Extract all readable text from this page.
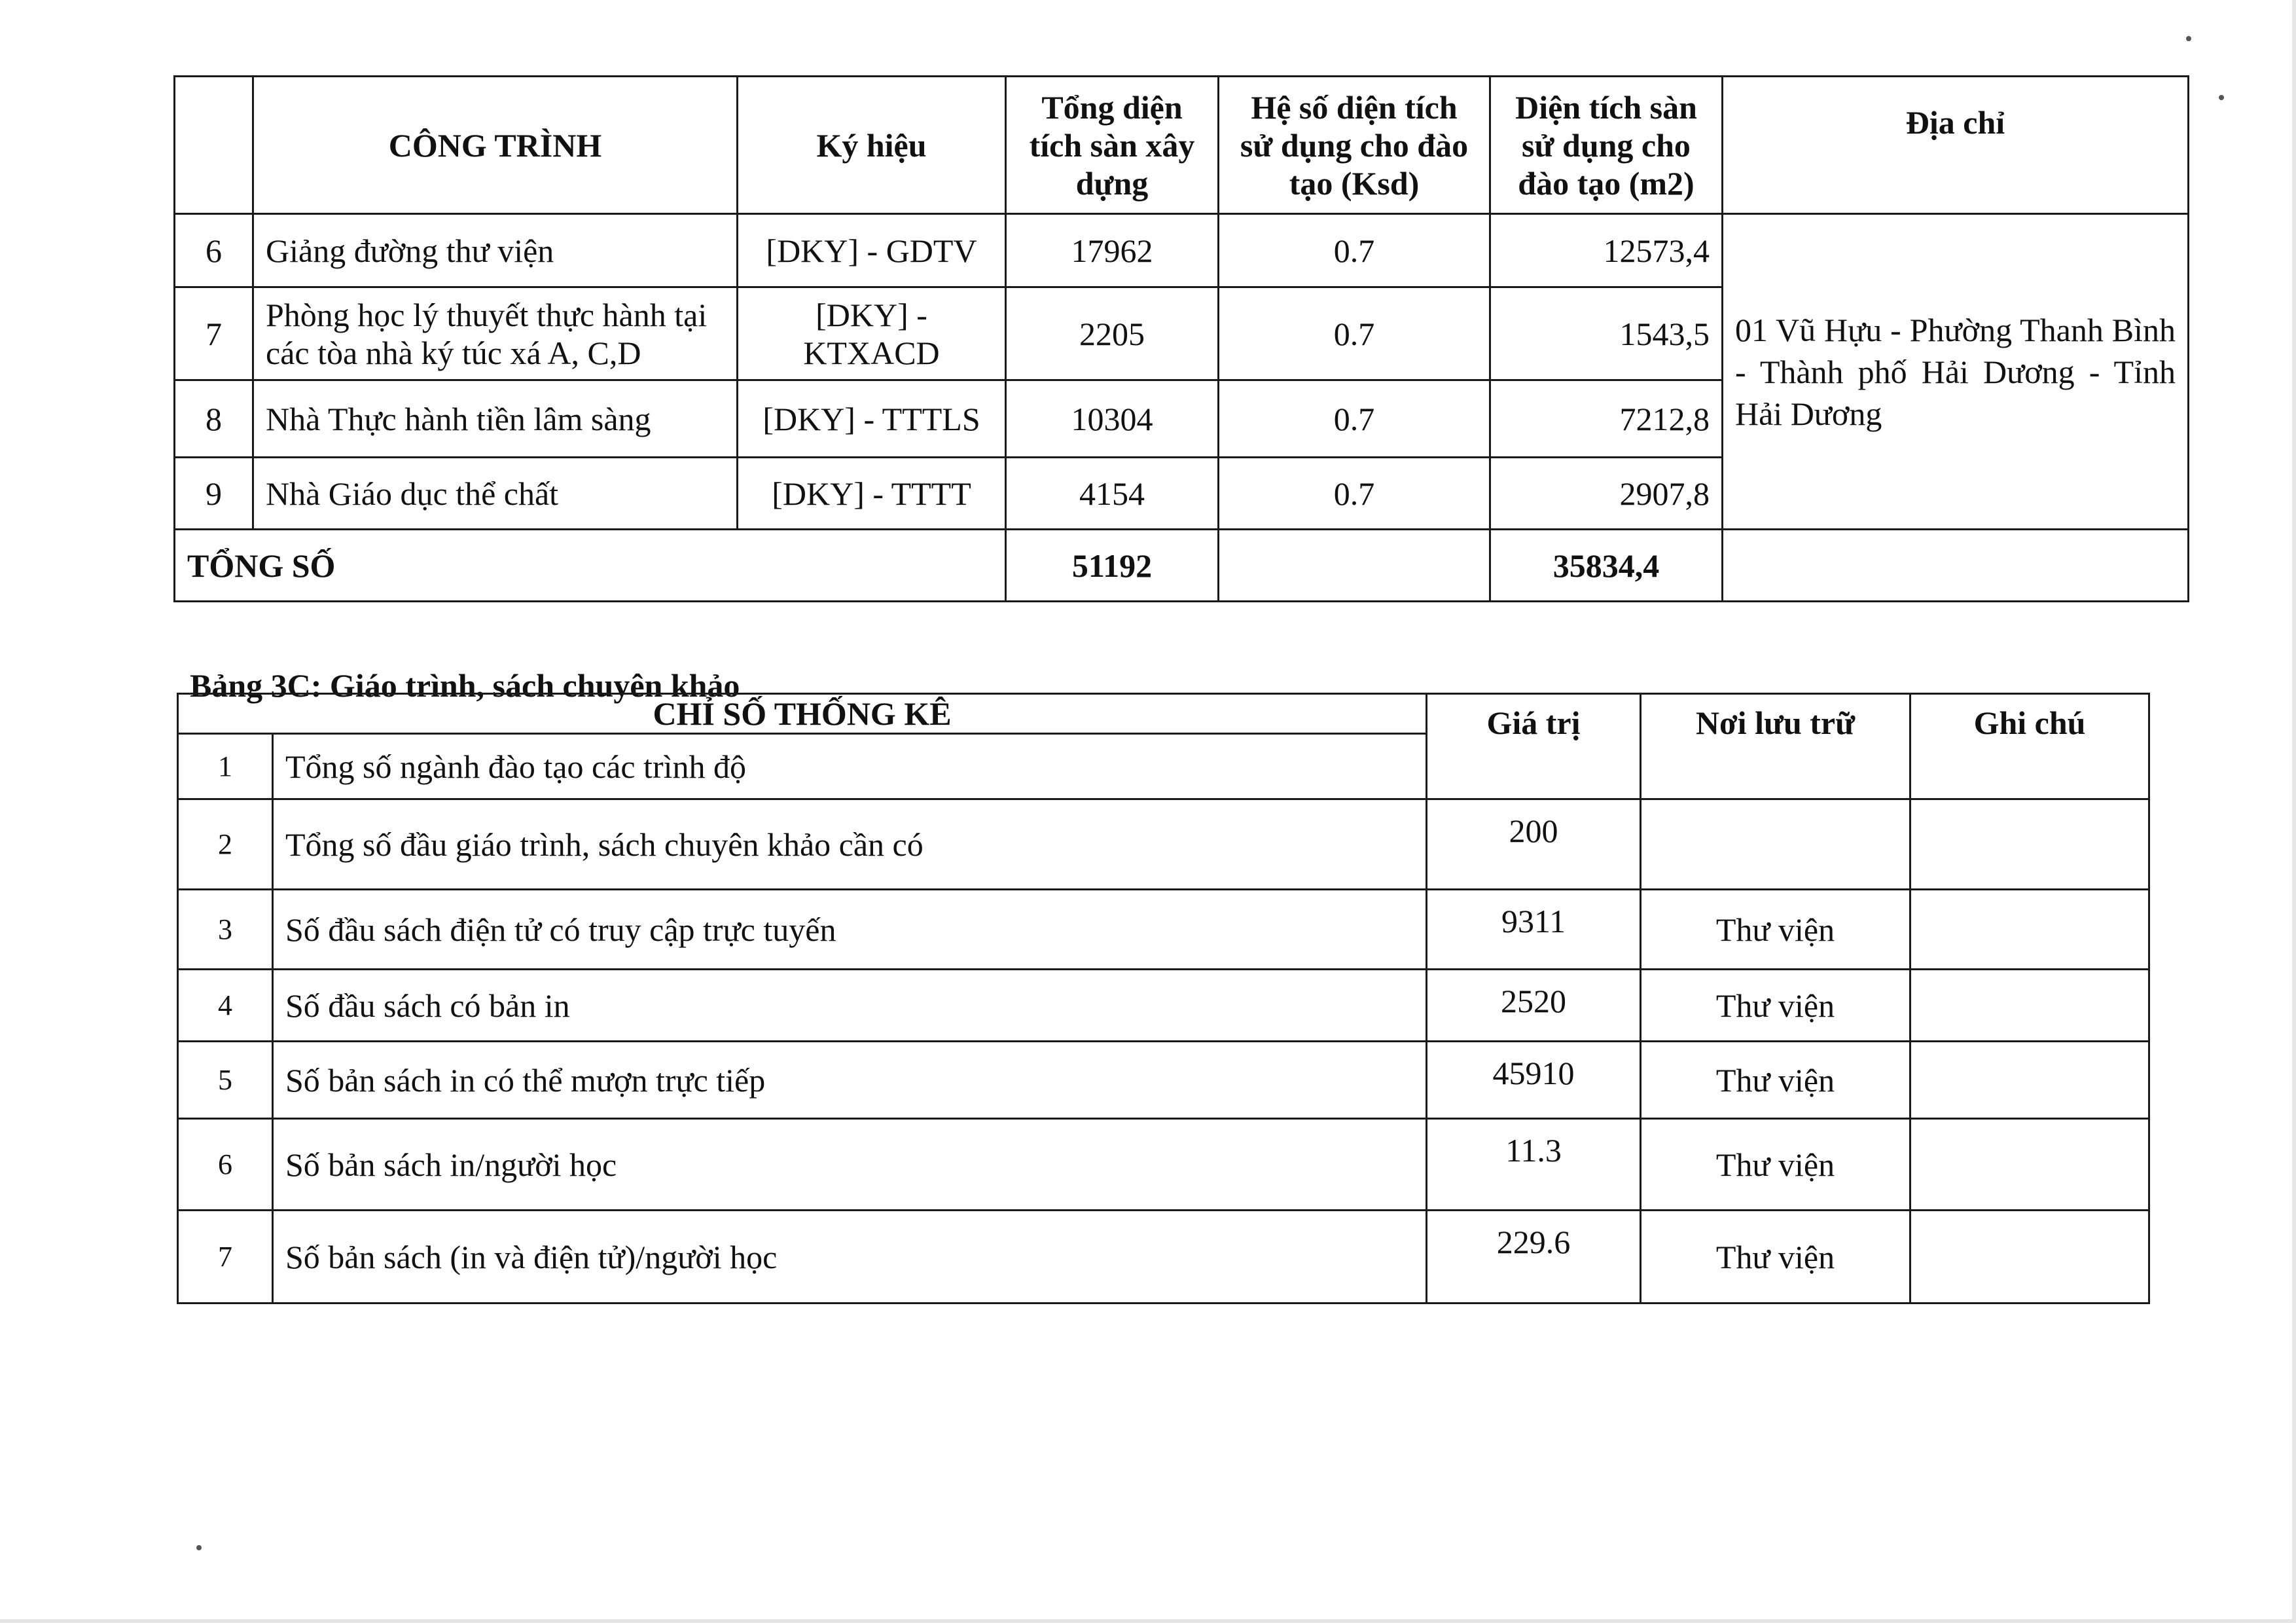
	CÔNG TRÌNH	Ký hiệu	Tổng diện tích sàn xây dựng	Hệ số diện tích sử dụng cho đào tạo (Ksd)	Diện tích sàn sử dụng cho đào tạo (m2)	Địa chỉ
6	Giảng đường thư viện	[DKY] - GDTV	17962	0.7	12573,4	01 Vũ Hựu - Phường Thanh Bình - Thành phố Hải Dương - Tỉnh Hải Dương
7	Phòng học lý thuyết thực hành tại các tòa nhà ký túc xá A, C,D	[DKY] - KTXACD	2205	0.7	1543,5	
8	Nhà Thực hành tiền lâm sàng	[DKY] - TTTLS	10304	0.7	7212,8	
9	Nhà Giáo dục thể chất	[DKY] - TTTT	4154	0.7	2907,8	
TỔNG SỐ			51192		35834,4	

Bảng 3C: Giáo trình, sách chuyên khảo

CHỈ SỐ THỐNG KÊ		Giá trị	Nơi lưu trữ	Ghi chú
1	Tổng số ngành đào tạo các trình độ			
2	Tổng số đầu giáo trình, sách chuyên khảo cần có	200		
3	Số đầu sách điện tử có truy cập trực tuyến	9311	Thư viện	
4	Số đầu sách có bản in	2520	Thư viện	
5	Số bản sách in có thể mượn trực tiếp	45910	Thư viện	
6	Số bản sách in/người học	11.3	Thư viện	
7	Số bản sách (in và điện tử)/người học	229.6	Thư viện	
